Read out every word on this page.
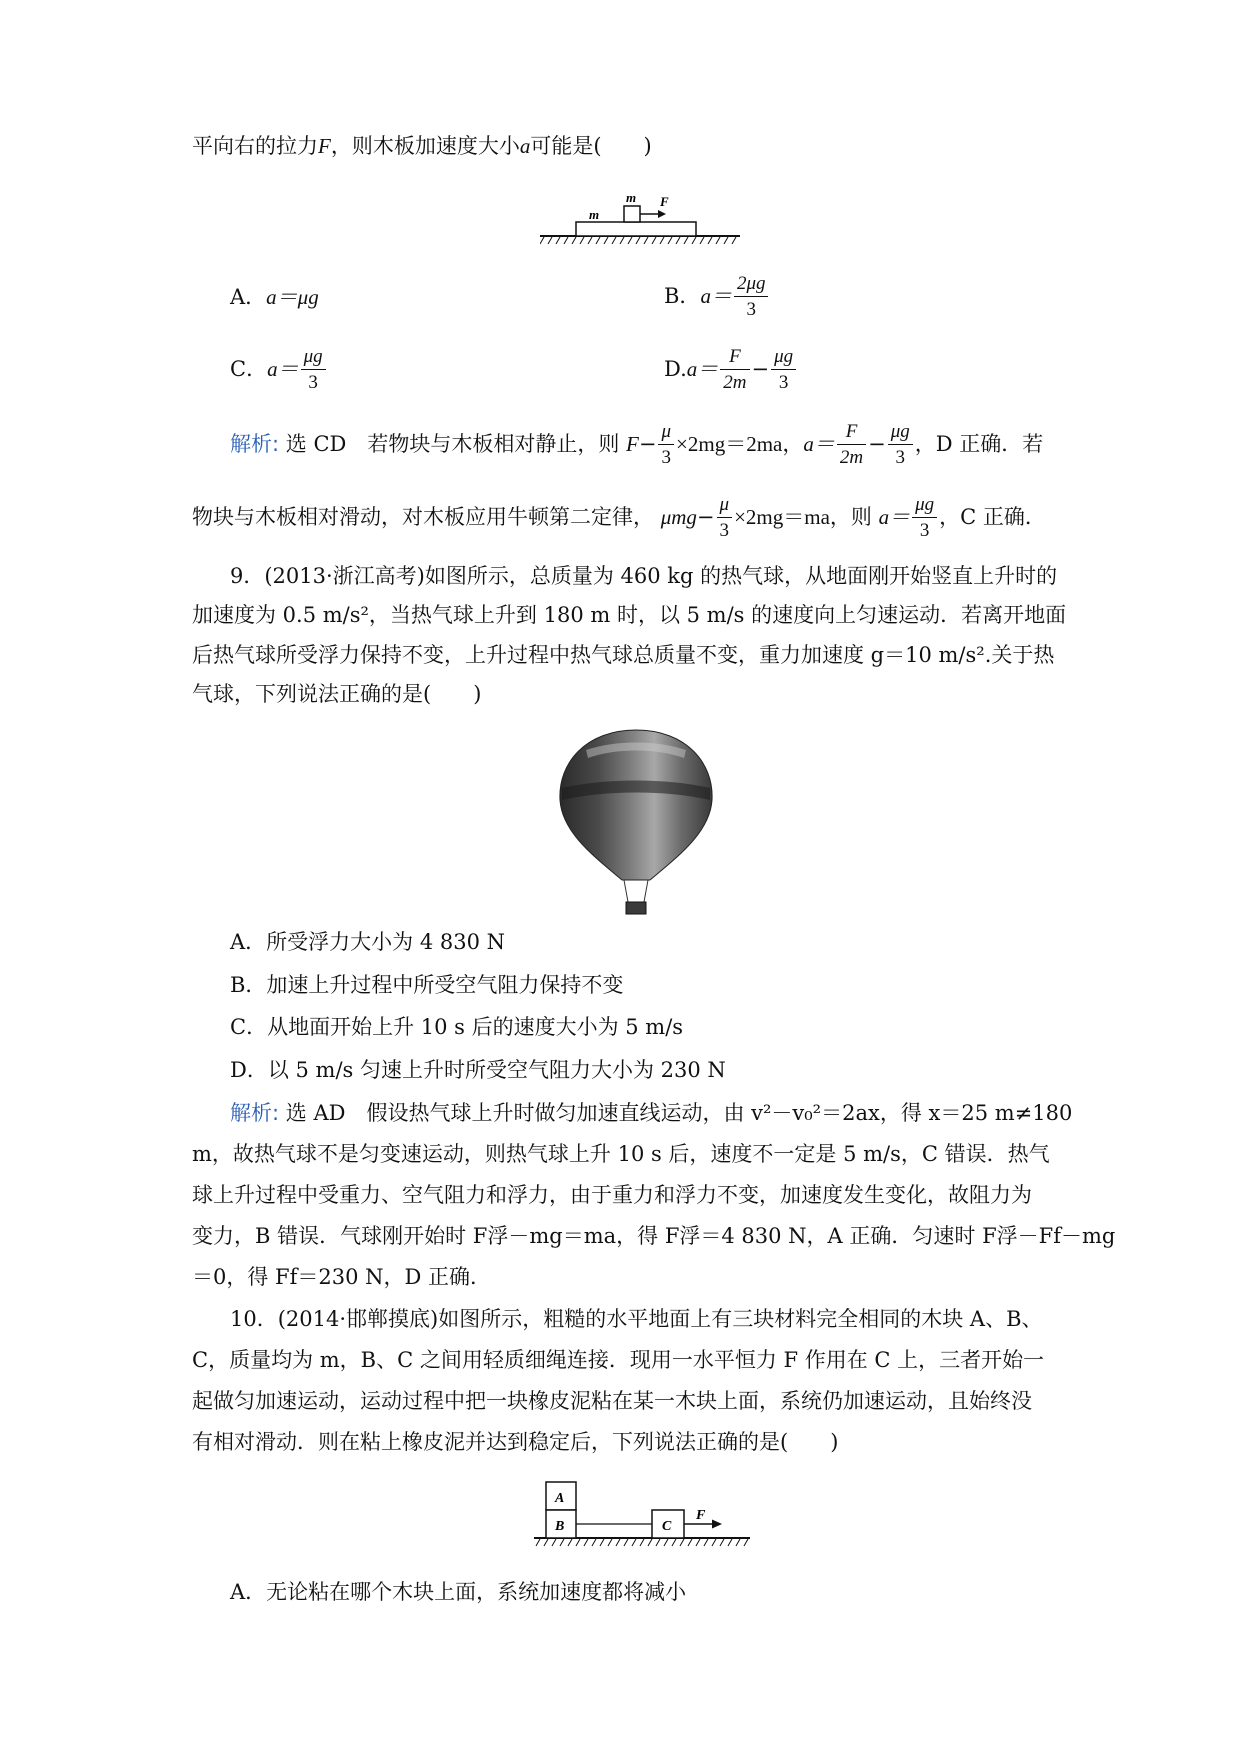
平向右的拉力F，则木板加速度大小a可能是(　　)
m
m F
A．a＝μg	B．$a= \frac{2\mu g}{3}$
C．$a= \frac{\mu g}{3}$	$D.a= \frac{F}{2m} - \frac{\mu g}{3}$
解析: 选 CD　若物块与木板相对静止，则 $F- \frac{\mu}{3} \times 2mg=2ma$，$a= \frac{F}{2m} - \frac{\mu g}{3}$ ，D 正确．若
物块与木板相对滑动，对木板应用牛顿第二定律， $\mu mg- \frac{\mu}{3} \times 2mg=ma$，则 $a= \frac{\mu g}{3}$ ，C 正确．
9．(2013·浙江高考)如图所示，总质量为 460 kg 的热气球，从地面刚开始竖直上升时的
加速度为 0.5 m/s²，当热气球上升到 180 m 时，以 5 m/s 的速度向上匀速运动．若离开地面
后热气球所受浮力保持不变，上升过程中热气球总质量不变，重力加速度 g＝10 m/s².关于热
气球，下列说法正确的是(　　)
A．所受浮力大小为 4 830 N
B．加速上升过程中所受空气阻力保持不变
C．从地面开始上升 10 s 后的速度大小为 5 m/s
D．以 5 m/s 匀速上升时所受空气阻力大小为 230 N
解析: 选 AD　假设热气球上升时做匀加速直线运动，由 v²－v₀²＝2ax，得 x＝25 m≠180
m，故热气球不是匀变速运动，则热气球上升 10 s 后，速度不一定是 5 m/s，C 错误．热气
球上升过程中受重力、空气阻力和浮力，由于重力和浮力不变，加速度发生变化，故阻力为
变力，B 错误．气球刚开始时 F浮－mg＝ma，得 F浮＝4 830 N，A 正确．匀速时 F浮－Ff－mg
＝0，得 Ff＝230 N，D 正确．
10．(2014·邯郸摸底)如图所示，粗糙的水平地面上有三块材料完全相同的木块 A、B、
C，质量均为 m，B、C 之间用轻质细绳连接．现用一水平恒力 F 作用在 C 上，三者开始一
起做匀加速运动，运动过程中把一块橡皮泥粘在某一木块上面，系统仍加速运动，且始终没
有相对滑动．则在粘上橡皮泥并达到稳定后，下列说法正确的是(　　)
A
B	C
F
A．无论粘在哪个木块上面，系统加速度都将减小
